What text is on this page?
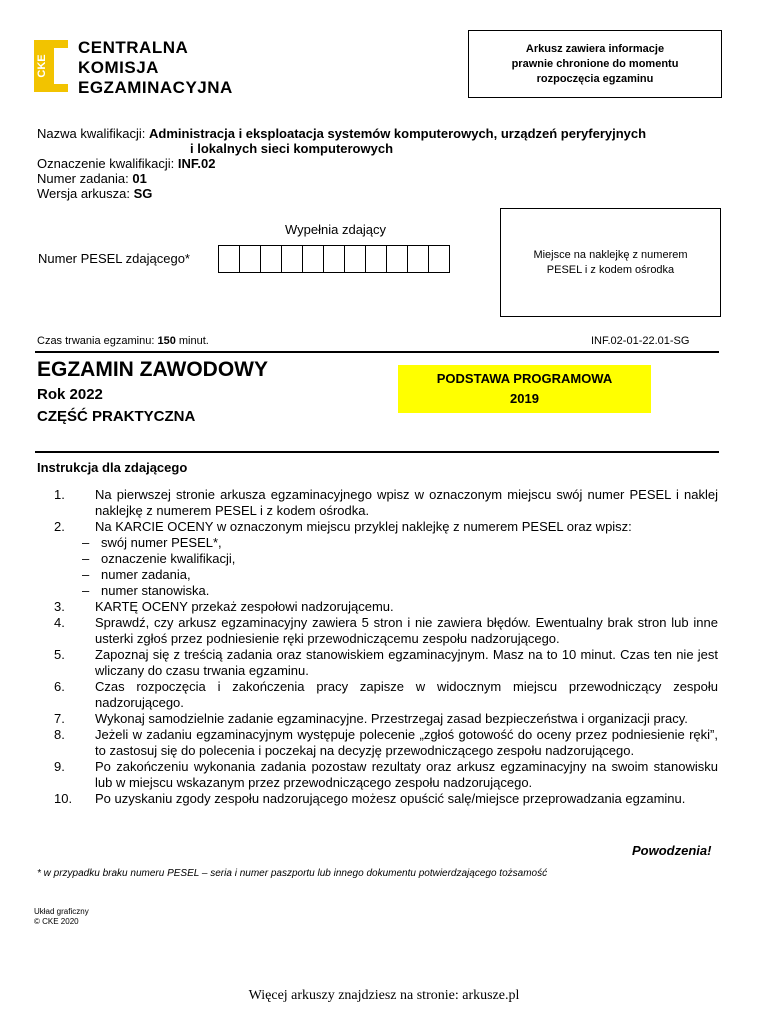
CKE
CENTRALNA
KOMISJA
EGZAMINACYJNA
Arkusz zawiera informacje
prawnie chronione do momentu
rozpoczęcia egzaminu
Nazwa kwalifikacji: Administracja i eksploatacja systemów komputerowych, urządzeń peryferyjnych
i lokalnych sieci komputerowych
Oznaczenie kwalifikacji: INF.02
Numer zadania: 01
Wersja arkusza: SG
Wypełnia zdający
Numer PESEL zdającego*	Miejsce na naklejkę z numerem
PESEL i z kodem ośrodka
Czas trwania egzaminu: 150 minut.	INF.02-01-22.01-SG
EGZAMIN ZAWODOWY
Rok 2022
CZĘŚĆ PRAKTYCZNA
PODSTAWA PROGRAMOWA
2019
Instrukcja dla zdającego
1.	Na pierwszej stronie arkusza egzaminacyjnego wpisz w oznaczonym miejscu swój numer PESEL i naklej naklejkę z numerem PESEL i z kodem ośrodka.
2.	Na KARCIE OCENY w oznaczonym miejscu przyklej naklejkę z numerem PESEL oraz wpisz:
– swój numer PESEL*,
– oznaczenie kwalifikacji,
– numer zadania,
– numer stanowiska.
3.	KARTĘ OCENY przekaż zespołowi nadzorującemu.
4.	Sprawdź, czy arkusz egzaminacyjny zawiera 5 stron i nie zawiera błędów. Ewentualny brak stron lub inne usterki zgłoś przez podniesienie ręki przewodniczącemu zespołu nadzorującego.
5.	Zapoznaj się z treścią zadania oraz stanowiskiem egzaminacyjnym. Masz na to 10 minut. Czas ten nie jest wliczany do czasu trwania egzaminu.
6.	Czas rozpoczęcia i zakończenia pracy zapisze w widocznym miejscu przewodniczący zespołu nadzorującego.
7.	Wykonaj samodzielnie zadanie egzaminacyjne. Przestrzegaj zasad bezpieczeństwa i organizacji pracy.
8.	Jeżeli w zadaniu egzaminacyjnym występuje polecenie „zgłoś gotowość do oceny przez podniesienie ręki”, to zastosuj się do polecenia i poczekaj na decyzję przewodniczącego zespołu nadzorującego.
9.	Po zakończeniu wykonania zadania pozostaw rezultaty oraz arkusz egzaminacyjny na swoim stanowisku lub w miejscu wskazanym przez przewodniczącego zespołu nadzorującego.
10.	Po uzyskaniu zgody zespołu nadzorującego możesz opuścić salę/miejsce przeprowadzania egzaminu.
Powodzenia!
* w przypadku braku numeru PESEL – seria i numer paszportu lub innego dokumentu potwierdzającego tożsamość
Układ graficzny
© CKE 2020
Więcej arkuszy znajdziesz na stronie: arkusze.pl
